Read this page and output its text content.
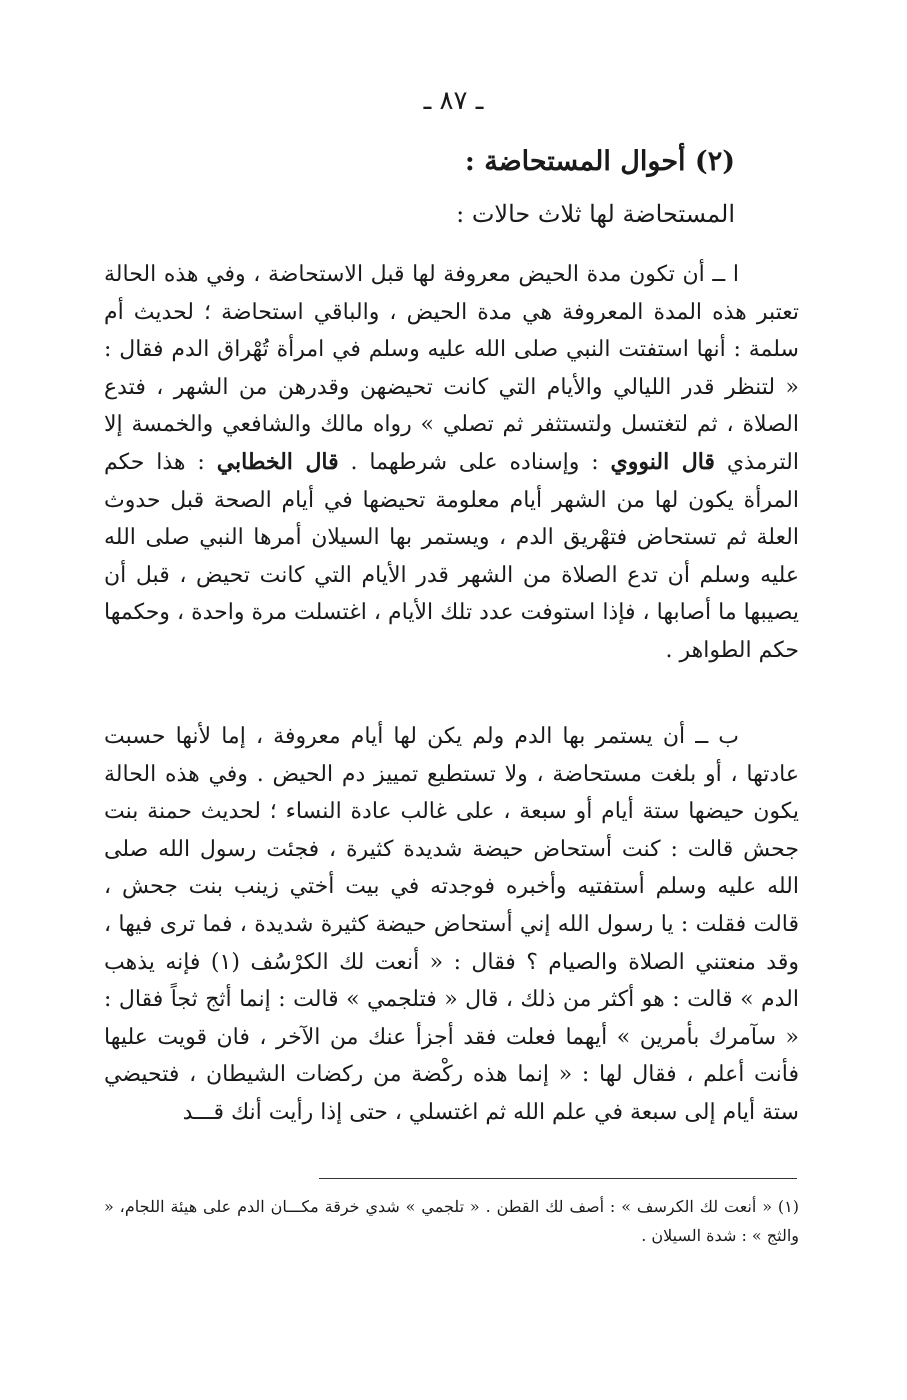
ـ ٨٧ ـ
(٢) أحوال المستحاضة :
المستحاضة لها ثلاث حالات :
ا ــ أن تكون مدة الحيض معروفة لها قبل الاستحاضة ، وفي هذه الحالة تعتبر هذه المدة المعروفة هي مدة الحيض ، والباقي استحاضة ؛ لحديث أم سلمة : أنها استفتت النبي صلى الله عليه وسلم في امرأة تُهْراق الدم فقال : « لتنظر قدر الليالي والأيام التي كانت تحيضهن وقدرهن من الشهر ، فتدع الصلاة ، ثم لتغتسل ولتستثفر ثم تصلي » رواه مالك والشافعي والخمسة إلا الترمذي قال النووي : وإسناده على شرطهما . قال الخطابي : هذا حكم المرأة يكون لها من الشهر أيام معلومة تحيضها في أيام الصحة قبل حدوث العلة ثم تستحاض فتهْريق الدم ، ويستمر بها السيلان أمرها النبي صلى الله عليه وسلم أن تدع الصلاة من الشهر قدر الأيام التي كانت تحيض ، قبل أن يصيبها ما أصابها ، فإذا استوفت عدد تلك الأيام ، اغتسلت مرة واحدة ، وحكمها حكم الطواهر .
ب ــ أن يستمر بها الدم ولم يكن لها أيام معروفة ، إما لأنها حسبت عادتها ، أو بلغت مستحاضة ، ولا تستطيع تمييز دم الحيض . وفي هذه الحالة يكون حيضها ستة أيام أو سبعة ، على غالب عادة النساء ؛ لحديث حمنة بنت جحش قالت : كنت أستحاض حيضة شديدة كثيرة ، فجئت رسول الله صلى الله عليه وسلم أستفتيه وأخبره فوجدته في بيت أختي زينب بنت جحش ، قالت فقلت : يا رسول الله إني أستحاض حيضة كثيرة شديدة ، فما ترى فيها ، وقد منعتني الصلاة والصيام ؟ فقال : « أنعت لك الكرْسُف (١) فإنه يذهب الدم » قالت : هو أكثر من ذلك ، قال « فتلجمي » قالت : إنما أثج ثجاً فقال : « سآمرك بأمرين » أيهما فعلت فقد أجزأ عنك من الآخر ، فان قويت عليها فأنت أعلم ، فقال لها : « إنما هذه ركْضة من ركضات الشيطان ، فتحيضي ستة أيام إلى سبعة في علم الله ثم اغتسلي ، حتى إذا رأيت أنك قـــد
(١) « أنعت لك الكرسف » : أصف لك القطن . « تلجمي » شدي خرقة مكـــان الدم على هيئة اللجام، « والثج » : شدة السيلان .
